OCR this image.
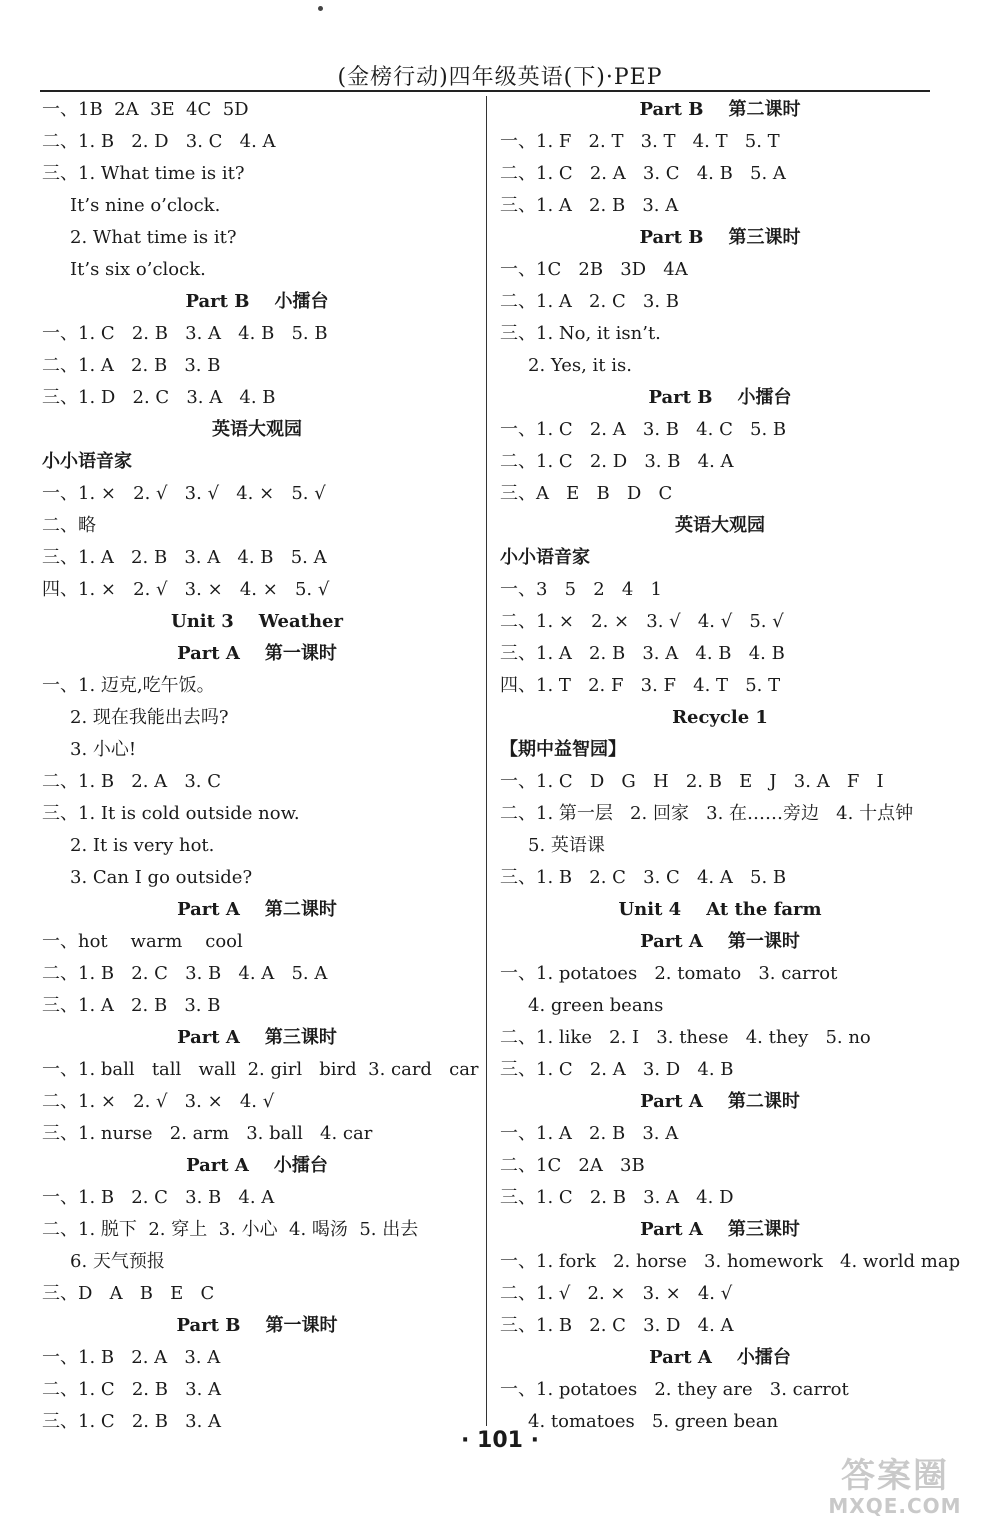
(金榜行动)四年级英语(下)·PEP
一、1B  2A  3E  4C  5D
二、1. B   2. D   3. C   4. A
三、1. What time is it?
It’s nine o’clock.
2. What time is it?
It’s six o’clock.
Part B    小擂台
一、1. C   2. B   3. A   4. B   5. B
二、1. A   2. B   3. B
三、1. D   2. C   3. A   4. B
英语大观园
小小语音家
一、1. ×   2. √   3. √   4. ×   5. √
二、略
三、1. A   2. B   3. A   4. B   5. A
四、1. ×   2. √   3. ×   4. ×   5. √
Unit 3    Weather
Part A    第一课时
一、1. 迈克,吃午饭。
2. 现在我能出去吗?
3. 小心!
二、1. B   2. A   3. C
三、1. It is cold outside now.
2. It is very hot.
3. Can I go outside?
Part A    第二课时
一、hot    warm    cool
二、1. B   2. C   3. B   4. A   5. A
三、1. A   2. B   3. B
Part A    第三课时
一、1. ball   tall   wall  2. girl   bird  3. card   car
二、1. ×   2. √   3. ×   4. √
三、1. nurse   2. arm   3. ball   4. car
Part A    小擂台
一、1. B   2. C   3. B   4. A
二、1. 脱下  2. 穿上  3. 小心  4. 喝汤  5. 出去
6. 天气预报
三、D   A   B   E   C
Part B    第一课时
一、1. B   2. A   3. A
二、1. C   2. B   3. A
三、1. C   2. B   3. A
Part B    第二课时
一、1. F   2. T   3. T   4. T   5. T
二、1. C   2. A   3. C   4. B   5. A
三、1. A   2. B   3. A
Part B    第三课时
一、1C   2B   3D   4A
二、1. A   2. C   3. B
三、1. No, it isn’t.
2. Yes, it is.
Part B    小擂台
一、1. C   2. A   3. B   4. C   5. B
二、1. C   2. D   3. B   4. A
三、A   E   B   D   C
英语大观园
小小语音家
一、3   5   2   4   1
二、1. ×   2. ×   3. √   4. √   5. √
三、1. A   2. B   3. A   4. B   4. B
四、1. T   2. F   3. F   4. T   5. T
Recycle 1
【期中益智园】
一、1. C   D   G   H   2. B   E   J   3. A   F   I
二、1. 第一层   2. 回家   3. 在……旁边   4. 十点钟
5. 英语课
三、1. B   2. C   3. C   4. A   5. B
Unit 4    At the farm
Part A    第一课时
一、1. potatoes   2. tomato   3. carrot
4. green beans
二、1. like   2. I   3. these   4. they   5. no
三、1. C   2. A   3. D   4. B
Part A    第二课时
一、1. A   2. B   3. A
二、1C   2A   3B
三、1. C   2. B   3. A   4. D
Part A    第三课时
一、1. fork   2. horse   3. homework   4. world map
二、1. √   2. ×   3. ×   4. √
三、1. B   2. C   3. D   4. A
Part A    小擂台
一、1. potatoes   2. they are   3. carrot
4. tomatoes   5. green bean
· 101 ·
答案圈
MXQE.COM
